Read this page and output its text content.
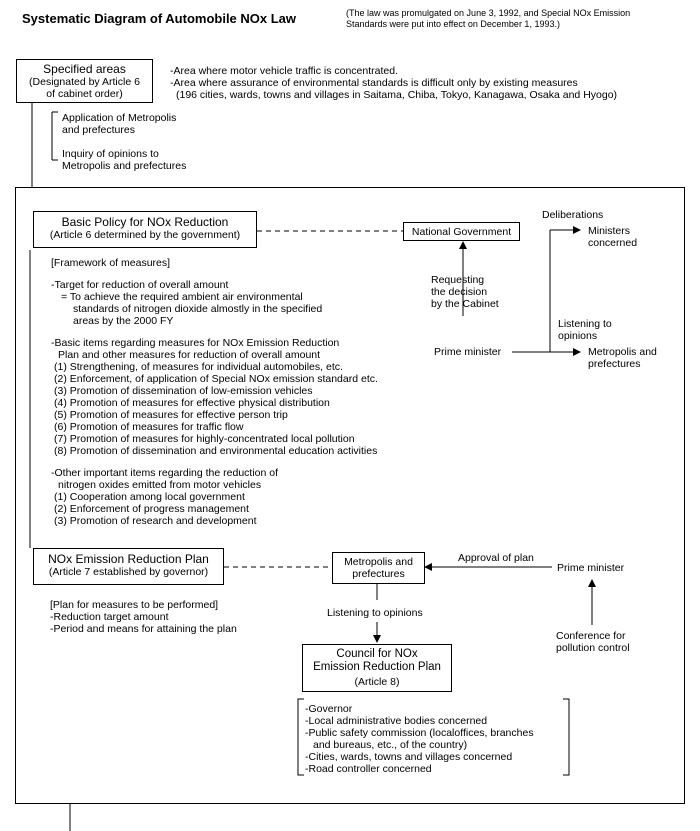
Systematic Diagram of Automobile NOx Law	(The law was promulgated on June 3, 1992, and Special NOx Emission
Standards were put into effect on December 1, 1993.)
Specified areas
(Designated by Article 6
of cabinet order)
-Area where motor vehicle traffic is concentrated.
-Area where assurance of environmental standards is difficult only by existing measures
(196 cities, wards, towns and villages in Saitama, Chiba, Tokyo, Kanagawa, Osaka and Hyogo)
Application of Metropolis
and prefectures
Inquiry of opinions to
Metropolis and prefectures
Basic Policy for NOx Reduction
(Article 6 determined by the government)
[Framework of measures]
-Target for reduction of overall amount
= To achieve the required ambient air environmental
standards of nitrogen dioxide almostly in the specified
areas by the 2000 FY
-Basic items regarding measures for NOx Emission Reduction
Plan and other measures for reduction of overall amount
(1) Strengthening, of measures for individual automobiles, etc.
(2) Enforcement, of application of Special NOx emission standard etc.
(3) Promotion of dissemination of low-emission vehicles
(4) Promotion of measures for effective physical distribution
(5) Promotion of measures for effective person trip
(6) Promotion of measures for traffic flow
(7) Promotion of measures for highly-concentrated local pollution
(8) Promotion of dissemination and environmental education activities
-Other important items regarding the reduction of
nitrogen oxides emitted from motor vehicles
(1) Cooperation among local government
(2) Enforcement of progress management
(3) Promotion of research and development
National Government
Deliberations
Ministers
concerned
Requesting
the decision
by the Cabinet
Prime minister
Listening to
opinions
Metropolis and
prefectures
NOx Emission Reduction Plan
(Article 7 established by governor)
Metropolis and
prefectures
Approval of plan
Prime minister
Conference for
pollution control
[Plan for measures to be performed]
-Reduction target amount
-Period and means for attaining the plan
Listening to opinions
Council for NOx
Emission Reduction Plan
(Article 8)
-Governor
-Local administrative bodies concerned
-Public safety commission (localoffices, branches
and bureaus, etc., of the country)
-Cities, wards, towns and villages concerned
-Road controller concerned
